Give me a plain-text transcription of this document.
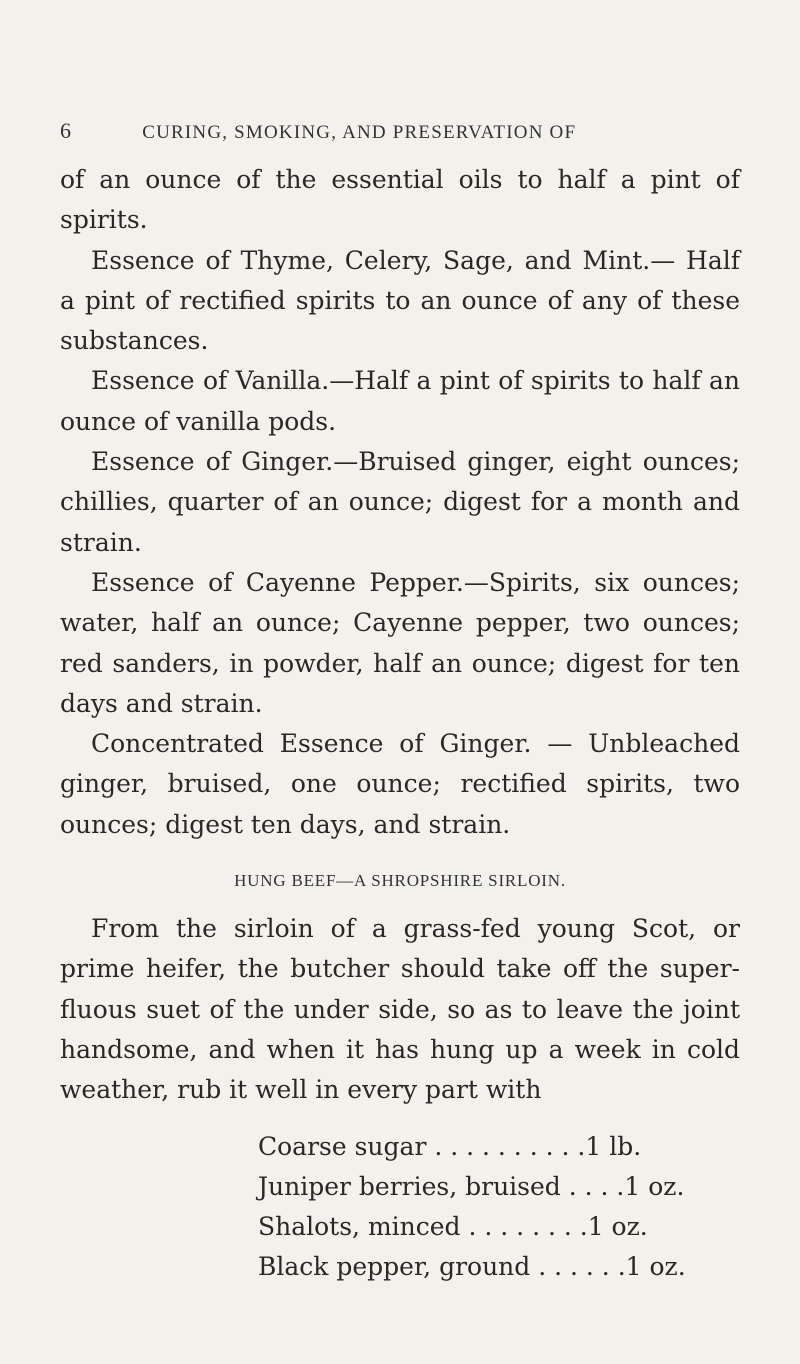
6	CURING, SMOKING, AND PRESERVATION OF

of an ounce of the essential oils to half a pint of spirits.

Essence of Thyme, Celery, Sage, and Mint.— Half a pint of rectified spirits to an ounce of any of these substances.

Essence of Vanilla.—Half a pint of spirits to half an ounce of vanilla pods.

Essence of Ginger.—Bruised ginger, eight ounces; chillies, quarter of an ounce; digest for a month and strain.

Essence of Cayenne Pepper.—Spirits, six ounces; water, half an ounce; Cayenne pepper, two ounces; red sanders, in powder, half an ounce; digest for ten days and strain.

Concentrated Essence of Ginger. — Unbleached ginger, bruised, one ounce; rectified spirits, two ounces; digest ten days, and strain.

HUNG BEEF—A SHROPSHIRE SIRLOIN.

From the sirloin of a grass-fed young Scot, or prime heifer, the butcher should take off the super-fluous suet of the under side, so as to leave the joint handsome, and when it has hung up a week in cold weather, rub it well in every part with

Coarse sugar . . . . . . . . . . 1 lb.
Juniper berries, bruised . . . . 1 oz.
Shalots, minced . . . . . . . . 1 oz.
Black pepper, ground . . . . . . 1 oz.
